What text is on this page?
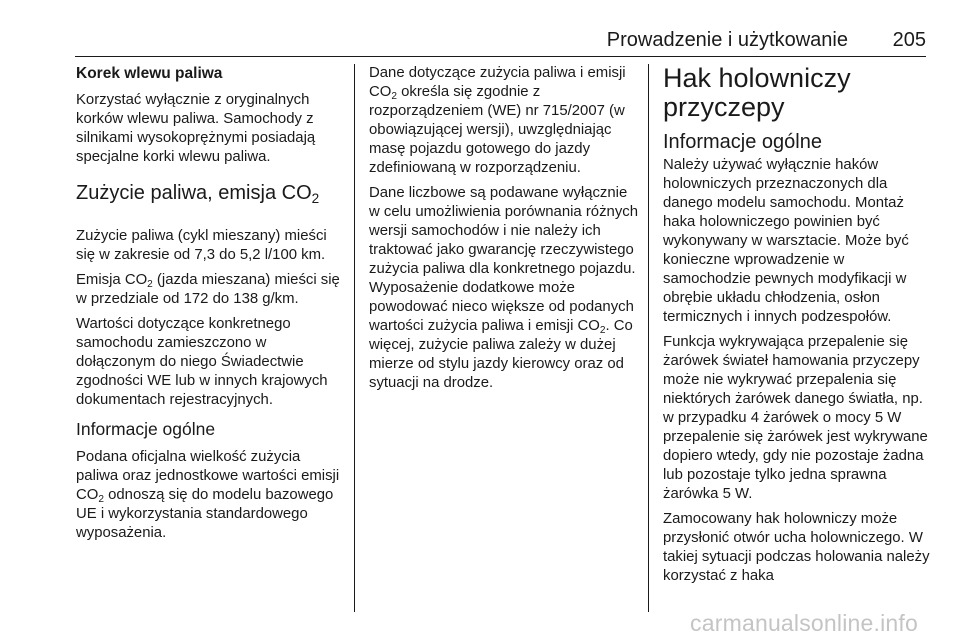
Prowadzenie i użytkowanie 205
Korek wlewu paliwa

Korzystać wyłącznie z oryginalnych korków wlewu paliwa. Samochody z silnikami wysokoprężnymi posiadają specjalne korki wlewu paliwa.

Zużycie paliwa, emisja $CO_2$

Zużycie paliwa (cykl mieszany) mieści się w zakresie od 7,3 do 5,2 l/100 km.

Emisja $CO_2$ (jazda mieszana) mieści się w przedziale od 172 do 138 g/km.

Wartości dotyczące konkretnego samochodu zamieszczono w dołączonym do niego Świadectwie zgodności WE lub w innych krajowych dokumentach rejestracyjnych.

Informacje ogólne

Podana oficjalna wielkość zużycia paliwa oraz jednostkowe wartości emisji $CO_2$ odnoszą się do modelu bazowego UE i wykorzystania standardowego wyposażenia.

Dane dotyczące zużycia paliwa i emisji $CO_2$ określa się zgodnie z rozporządzeniem (WE) nr 715/2007 (w obowiązującej wersji), uwzględniając masę pojazdu gotowego do jazdy zdefiniowaną w rozporządzeniu.

Dane liczbowe są podawane wyłącznie w celu umożliwienia porównania różnych wersji samochodów i nie należy ich traktować jako gwarancję rzeczywistego zużycia paliwa dla konkretnego pojazdu. Wyposażenie dodatkowe może powodować nieco większe od podanych wartości zużycia paliwa i emisji $CO_2$. Co więcej, zużycie paliwa zależy w dużej mierze od stylu jazdy kierowcy oraz od sytuacji na drodze.

Hak holowniczy przyczepy
Informacje ogólne

Należy używać wyłącznie haków holowniczych przeznaczonych dla danego modelu samochodu. Montaż haka holowniczego powinien być wykonywany w warsztacie. Może być konieczne wprowadzenie w samochodzie pewnych modyfikacji w obrębie układu chłodzenia, osłon termicznych i innych podzespołów.

Funkcja wykrywająca przepalenie się żarówek świateł hamowania przyczepy może nie wykrywać przepalenia się niektórych żarówek danego światła, np. w przypadku 4 żarówek o mocy 5 W przepalenie się żarówek jest wykrywane dopiero wtedy, gdy nie pozostaje żadna lub pozostaje tylko jedna sprawna żarówka 5 W.

Zamocowany hak holowniczy może przysłonić otwór ucha holowniczego. W takiej sytuacji podczas holowania należy korzystać z haka

carmanualsonline.info
